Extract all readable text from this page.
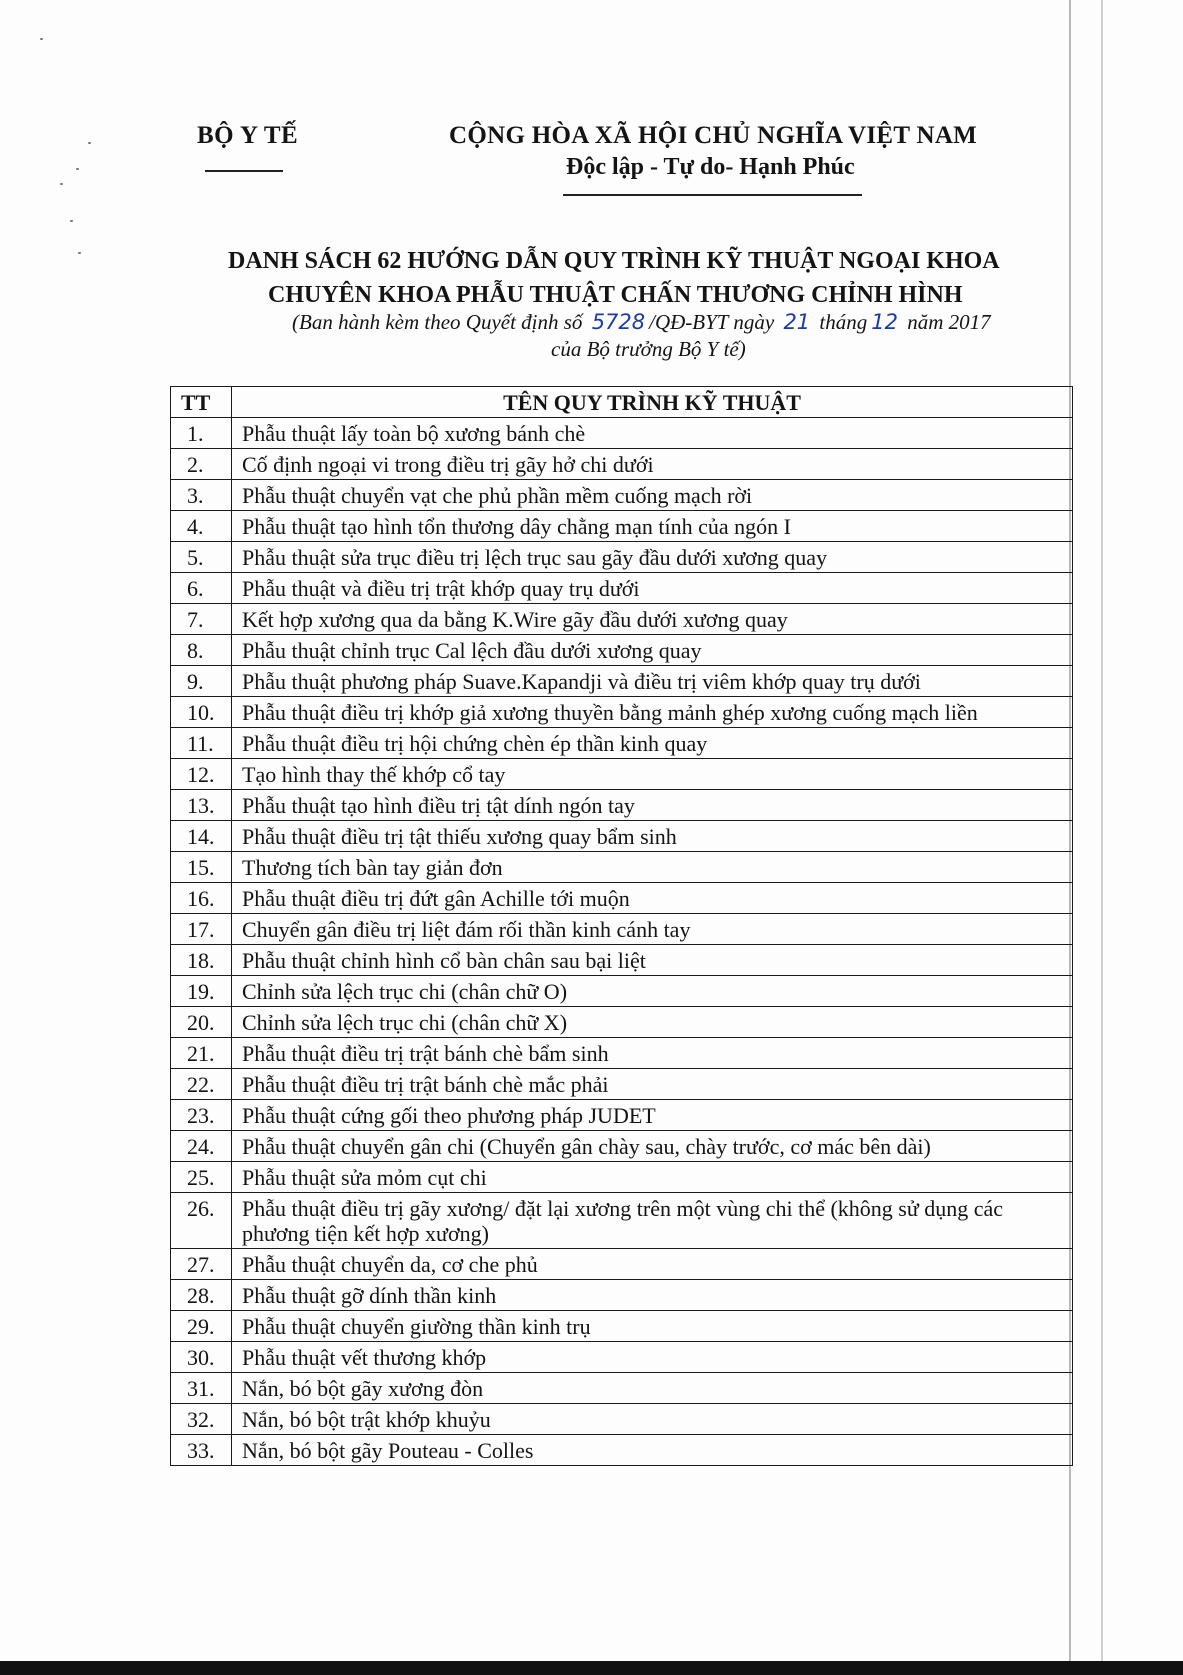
BỘ Y TẾ	CỘNG HÒA XÃ HỘI CHỦ NGHĨA VIỆT NAM
Độc lập - Tự do- Hạnh Phúc
DANH SÁCH 62 HƯỚNG DẪN QUY TRÌNH KỸ THUẬT NGOẠI KHOA
CHUYÊN KHOA PHẪU THUẬT CHẤN THƯƠNG CHỈNH HÌNH
(Ban hành kèm theo Quyết định số 5728 /QĐ-BYT ngày 21 tháng 12 năm 2017
của Bộ trưởng Bộ Y tế)
TT	TÊN QUY TRÌNH KỸ THUẬT
1.	Phẫu thuật lấy toàn bộ xương bánh chè
2.	Cố định ngoại vi trong điều trị gãy hở chi dưới
3.	Phẫu thuật chuyển vạt che phủ phần mềm cuống mạch rời
4.	Phẫu thuật tạo hình tổn thương dây chằng mạn tính của ngón I
5.	Phẫu thuật sửa trục điều trị lệch trục sau gãy đầu dưới xương quay
6.	Phẫu thuật và điều trị trật khớp quay trụ dưới
7.	Kết hợp xương qua da bằng K.Wire gãy đầu dưới xương quay
8.	Phẫu thuật chỉnh trục Cal lệch đầu dưới xương quay
9.	Phẫu thuật phương pháp Suave.Kapandji và điều trị viêm khớp quay trụ dưới
10.	Phẫu thuật điều trị khớp giả xương thuyền bằng mảnh ghép xương cuống mạch liền
11.	Phẫu thuật điều trị hội chứng chèn ép thần kinh quay
12.	Tạo hình thay thế khớp cổ tay
13.	Phẫu thuật tạo hình điều trị tật dính ngón tay
14.	Phẫu thuật điều trị tật thiếu xương quay bẩm sinh
15.	Thương tích bàn tay giản đơn
16.	Phẫu thuật điều trị đứt gân Achille tới muộn
17.	Chuyển gân điều trị liệt đám rối thần kinh cánh tay
18.	Phẫu thuật chỉnh hình cổ bàn chân sau bại liệt
19.	Chỉnh sửa lệch trục chi (chân chữ O)
20.	Chỉnh sửa lệch trục chi (chân chữ X)
21.	Phẫu thuật điều trị trật bánh chè bẩm sinh
22.	Phẫu thuật điều trị trật bánh chè mắc phải
23.	Phẫu thuật cứng gối theo phương pháp JUDET
24.	Phẫu thuật chuyển gân chi (Chuyển gân chày sau, chày trước, cơ mác bên dài)
25.	Phẫu thuật sửa mỏm cụt chi
26.	Phẫu thuật điều trị gãy xương/ đặt lại xương trên một vùng chi thể (không sử dụng các phương tiện kết hợp xương)
27.	Phẫu thuật chuyển da, cơ che phủ
28.	Phẫu thuật gỡ dính thần kinh
29.	Phẫu thuật chuyển giường thần kinh trụ
30.	Phẫu thuật vết thương khớp
31.	Nắn, bó bột gãy xương đòn
32.	Nắn, bó bột trật khớp khuỷu
33.	Nắn, bó bột gãy Pouteau - Colles
